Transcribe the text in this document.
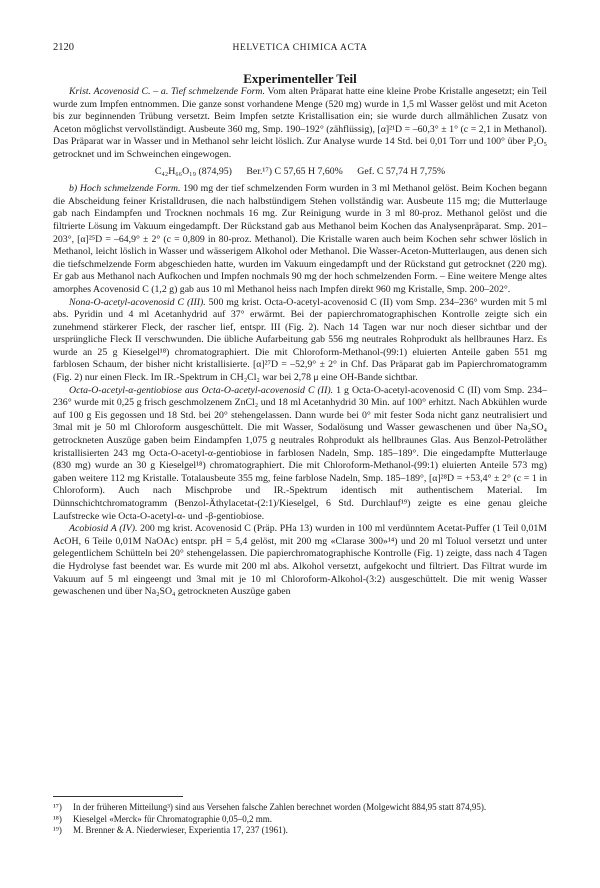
2120	HELVETICA CHIMICA ACTA
Experimenteller Teil

Krist. Acovenosid C. – a. Tief schmelzende Form. Vom alten Präparat hatte eine kleine Probe Kristalle angesetzt; ein Teil wurde zum Impfen entnommen. Die ganze sonst vorhandene Menge (520 mg) wurde in 1,5 ml Wasser gelöst und mit Aceton bis zur beginnenden Trübung versetzt. Beim Impfen setzte Kristallisation ein; sie wurde durch allmählichen Zusatz von Aceton möglichst vervollständigt. Ausbeute 360 mg, Smp. 190–192° (zähflüssig), [α]²¹D = –60,3° ± 1° (c = 2,1 in Methanol). Das Präparat war in Wasser und in Methanol sehr leicht löslich. Zur Analyse wurde 14 Std. bei 0,01 Torr und 100° über P₂O₅ getrocknet und im Schweinchen eingewogen.

C₄₂H₆₆O₁₉ (874,95) Ber.¹⁷) C 57,65 H 7,60% Gef. C 57,74 H 7,75%

b) Hoch schmelzende Form. 190 mg der tief schmelzenden Form wurden in 3 ml Methanol gelöst. Beim Kochen begann die Abscheidung feiner Kristalldrusen, die nach halbstündigem Stehen vollständig war. Ausbeute 115 mg; die Mutterlauge gab nach Eindampfen und Trocknen nochmals 16 mg. Zur Reinigung wurde in 3 ml 80-proz. Methanol gelöst und die filtrierte Lösung im Vakuum eingedampft. Der Rückstand gab aus Methanol beim Kochen das Analysenpräparat. Smp. 201–203°, [α]²⁵D = –64,9° ± 2° (c = 0,809 in 80-proz. Methanol). Die Kristalle waren auch beim Kochen sehr schwer löslich in Methanol, leicht löslich in Wasser und wässerigem Alkohol oder Methanol. Die Wasser-Aceton-Mutterlaugen, aus denen sich die tiefschmelzende Form abgeschieden hatte, wurden im Vakuum eingedampft und der Rückstand gut getrocknet (220 mg). Er gab aus Methanol nach Aufkochen und Impfen nochmals 90 mg der hoch schmelzenden Form. – Eine weitere Menge altes amorphes Acovenosid C (1,2 g) gab aus 10 ml Methanol heiss nach Impfen direkt 960 mg Kristalle, Smp. 200–202°.

Nona-O-acetyl-acovenosid C (III). 500 mg krist. Octa-O-acetyl-acovenosid C (II) vom Smp. 234–236° wurden mit 5 ml abs. Pyridin und 4 ml Acetanhydrid auf 37° erwärmt. Bei der papierchromatographischen Kontrolle zeigte sich ein zunehmend stärkerer Fleck, der rascher lief, entspr. III (Fig. 2). Nach 14 Tagen war nur noch dieser sichtbar und der ursprüngliche Fleck II verschwunden. Die übliche Aufarbeitung gab 556 mg neutrales Rohprodukt als hellbraunes Harz. Es wurde an 25 g Kieselgel¹⁸) chromatographiert. Die mit Chloroform-Methanol-(99:1) eluierten Anteile gaben 551 mg farblosen Schaum, der bisher nicht kristallisierte. [α]²⁷D = –52,9° ± 2° in Chf. Das Präparat gab im Papierchromatogramm (Fig. 2) nur einen Fleck. Im IR.-Spektrum in CH₂Cl₂ war bei 2,78 μ eine OH-Bande sichtbar.

Octa-O-acetyl-α-gentiobiose aus Octa-O-acetyl-acovenosid C (II). 1 g Octa-O-acetyl-acovenosid C (II) vom Smp. 234–236° wurde mit 0,25 g frisch geschmolzenem ZnCl₂ und 18 ml Acetanhydrid 30 Min. auf 100° erhitzt. Nach Abkühlen wurde auf 100 g Eis gegossen und 18 Std. bei 20° stehengelassen. Dann wurde bei 0° mit fester Soda nicht ganz neutralisiert und 3mal mit je 50 ml Chloroform ausgeschüttelt. Die mit Wasser, Sodalösung und Wasser gewaschenen und über Na₂SO₄ getrockneten Auszüge gaben beim Eindampfen 1,075 g neutrales Rohprodukt als hellbraunes Glas. Aus Benzol-Petroläther kristallisierten 243 mg Octa-O-acetyl-α-gentiobiose in farblosen Nadeln, Smp. 185–189°. Die eingedampfte Mutterlauge (830 mg) wurde an 30 g Kieselgel¹⁸) chromatographiert. Die mit Chloroform-Methanol-(99:1) eluierten Anteile 573 mg) gaben weitere 112 mg Kristalle. Totalausbeute 355 mg, feine farblose Nadeln, Smp. 185–189°, [α]²⁸D = +53,4° ± 2° (c = 1 in Chloroform). Auch nach Mischprobe und IR.-Spektrum identisch mit authentischem Material. Im Dünnschichtchromatogramm (Benzol-Äthylacetat-(2:1)/Kieselgel, 6 Std. Durchlauf¹⁹) zeigte es eine genau gleiche Laufstrecke wie Octa-O-acetyl-α- und -β-gentiobiose.

Acobiosid A (IV). 200 mg krist. Acovenosid C (Präp. PHa 13) wurden in 100 ml verdünntem Acetat-Puffer (1 Teil 0,01M AcOH, 6 Teile 0,01M NaOAc) entspr. pH = 5,4 gelöst, mit 200 mg «Clarase 300»¹⁴) und 20 ml Toluol versetzt und unter gelegentlichem Schütteln bei 20° stehengelassen. Die papierchromatographische Kontrolle (Fig. 1) zeigte, dass nach 4 Tagen die Hydrolyse fast beendet war. Es wurde mit 200 ml abs. Alkohol versetzt, aufgekocht und filtriert. Das Filtrat wurde im Vakuum auf 5 ml eingeengt und 3mal mit je 10 ml Chloroform-Alkohol-(3:2) ausgeschüttelt. Die mit wenig Wasser gewaschenen und über Na₂SO₄ getrockneten Auszüge gaben

¹⁷) In der früheren Mitteilung³) sind aus Versehen falsche Zahlen berechnet worden (Molgewicht 884,95 statt 874,95).
¹⁸) Kieselgel «Merck» für Chromatographie 0,05–0,2 mm.
¹⁹) M. Brenner & A. Niederwieser, Experientia 17, 237 (1961).
